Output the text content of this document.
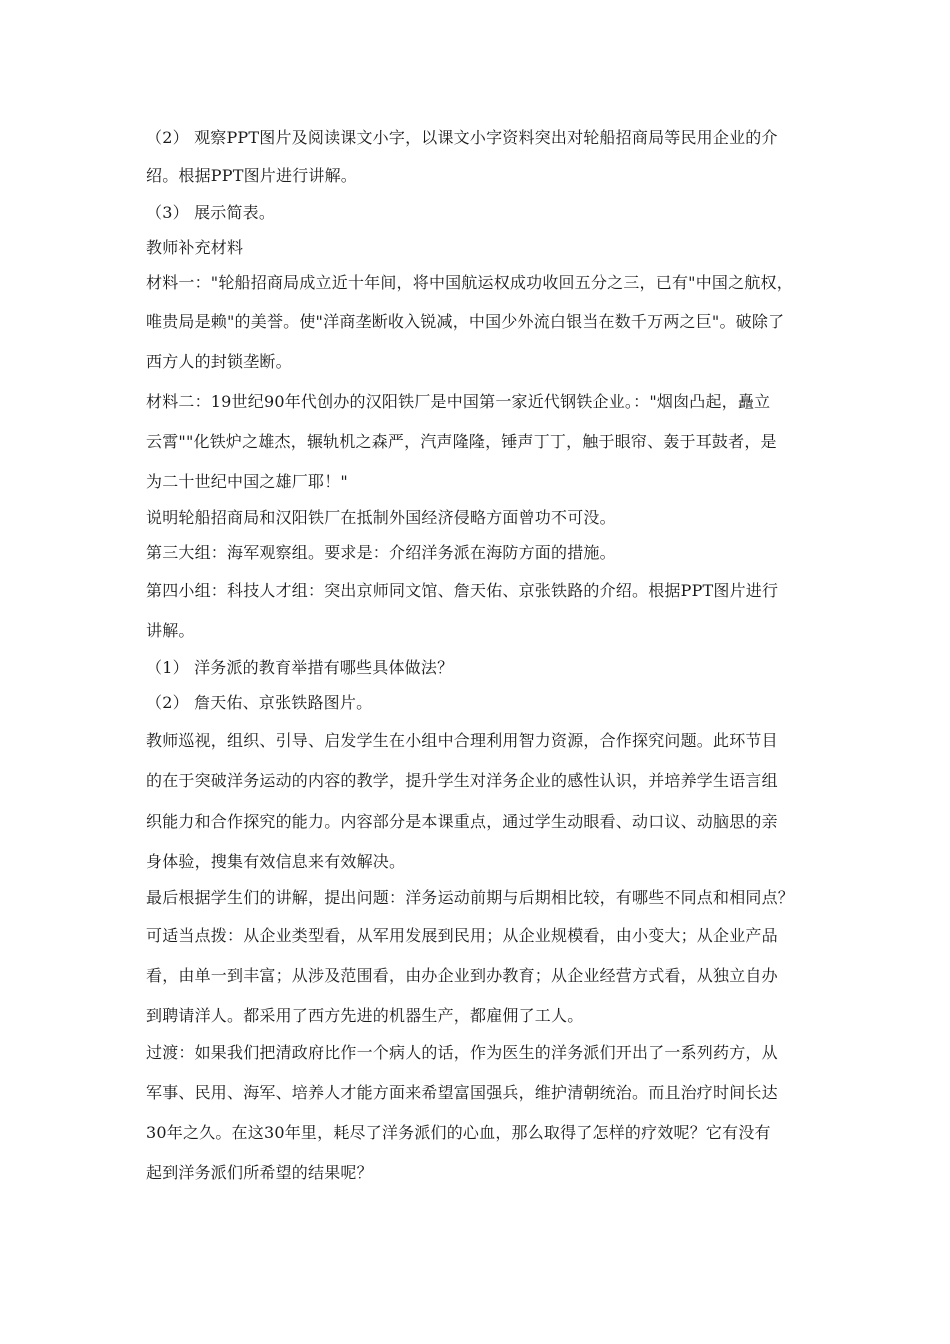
（2） 观察PPT图片及阅读课文小字，以课文小字资料突出对轮船招商局等民用企业的介
绍。根据PPT图片进行讲解。
（3） 展示简表。
教师补充材料
材料一："轮船招商局成立近十年间，将中国航运权成功收回五分之三，已有"中国之航权，
唯贵局是赖"的美誉。使"洋商垄断收入锐减，中国少外流白银当在数千万两之巨"。破除了
西方人的封锁垄断。
材料二：19世纪90年代创办的汉阳铁厂是中国第一家近代钢铁企业。："烟囱凸起，矗立
云霄""化铁炉之雄杰，辗轨机之森严，汽声隆隆，锤声丁丁，触于眼帘、轰于耳鼓者，是
为二十世纪中国之雄厂耶！"
说明轮船招商局和汉阳铁厂在抵制外国经济侵略方面曾功不可没。
第三大组：海军观察组。要求是：介绍洋务派在海防方面的措施。
第四小组：科技人才组：突出京师同文馆、詹天佑、京张铁路的介绍。根据PPT图片进行
讲解。
（1） 洋务派的教育举措有哪些具体做法？
（2） 詹天佑、京张铁路图片。
教师巡视，组织、引导、启发学生在小组中合理利用智力资源，合作探究问题。此环节目
的在于突破洋务运动的内容的教学，提升学生对洋务企业的感性认识，并培养学生语言组
织能力和合作探究的能力。内容部分是本课重点，通过学生动眼看、动口议、动脑思的亲
身体验，搜集有效信息来有效解决。
最后根据学生们的讲解，提出问题：洋务运动前期与后期相比较，有哪些不同点和相同点？
可适当点拨：从企业类型看，从军用发展到民用；从企业规模看，由小变大；从企业产品
看，由单一到丰富；从涉及范围看，由办企业到办教育；从企业经营方式看，从独立自办
到聘请洋人。都采用了西方先进的机器生产，都雇佣了工人。
过渡：如果我们把清政府比作一个病人的话，作为医生的洋务派们开出了一系列药方，从
军事、民用、海军、培养人才能方面来希望富国强兵，维护清朝统治。而且治疗时间长达
30年之久。在这30年里，耗尽了洋务派们的心血，那么取得了怎样的疗效呢？它有没有
起到洋务派们所希望的结果呢？
